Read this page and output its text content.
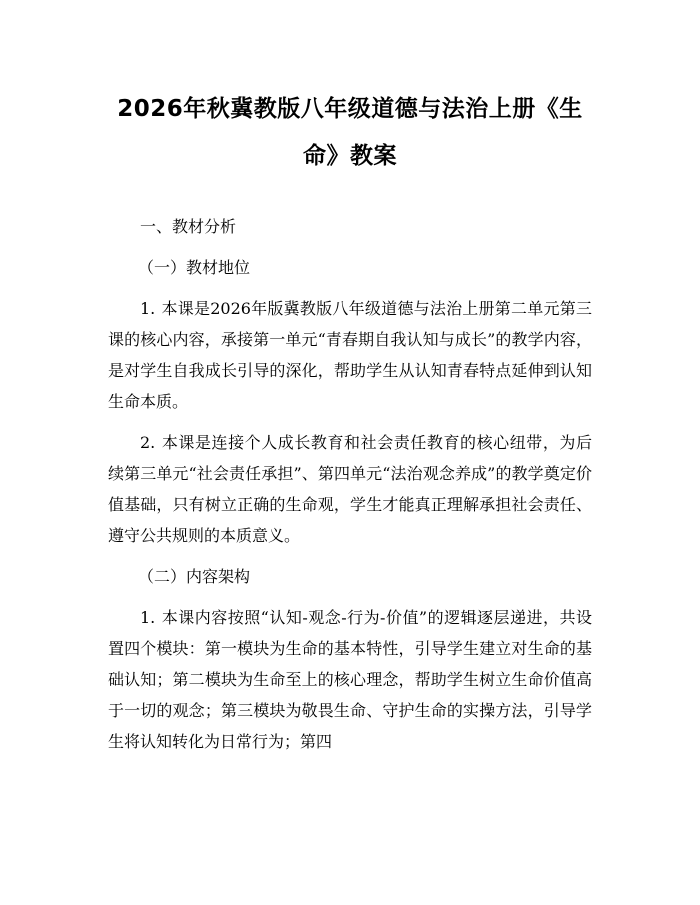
2026年秋冀教版八年级道德与法治上册《生命》教案

一、教材分析

（一）教材地位

1. 本课是2026年版冀教版八年级道德与法治上册第二单元第三课的核心内容，承接第一单元“青春期自我认知与成长”的教学内容，是对学生自我成长引导的深化，帮助学生从认知青春特点延伸到认知生命本质。

2. 本课是连接个人成长教育和社会责任教育的核心纽带，为后续第三单元“社会责任承担”、第四单元“法治观念养成”的教学奠定价值基础，只有树立正确的生命观，学生才能真正理解承担社会责任、遵守公共规则的本质意义。

（二）内容架构

1. 本课内容按照“认知-观念-行为-价值”的逻辑逐层递进，共设置四个模块：第一模块为生命的基本特性，引导学生建立对生命的基础认知；第二模块为生命至上的核心理念，帮助学生树立生命价值高于一切的观念；第三模块为敬畏生命、守护生命的实操方法，引导学生将认知转化为日常行为；第四
